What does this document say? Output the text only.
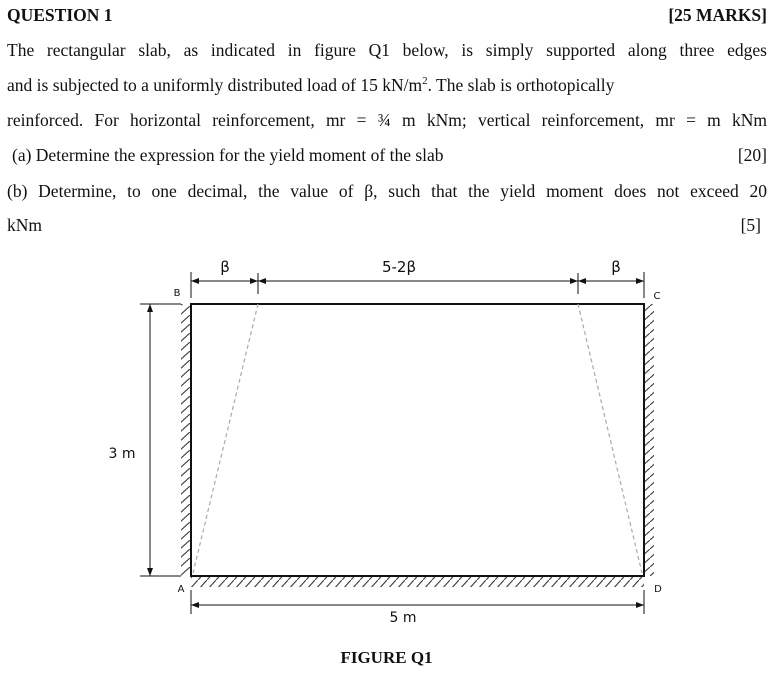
QUESTION 1	[25 MARKS]
The rectangular slab, as indicated in figure Q1 below, is simply supported along three edges
and is subjected to a uniformly distributed load of 15 $kN/m^2$. The slab is orthotopically
reinforced. For horizontal reinforcement, mr = ¾ m kNm; vertical reinforcement, mr = m kNm
(a) Determine the expression for the yield moment of the slab	[20]
(b) Determine, to one decimal, the value of β, such that the yield moment does not exceed 20
kNm	[5]
β	5-2β	β
B	C
A	D
3 m
5 m
FIGURE Q1
